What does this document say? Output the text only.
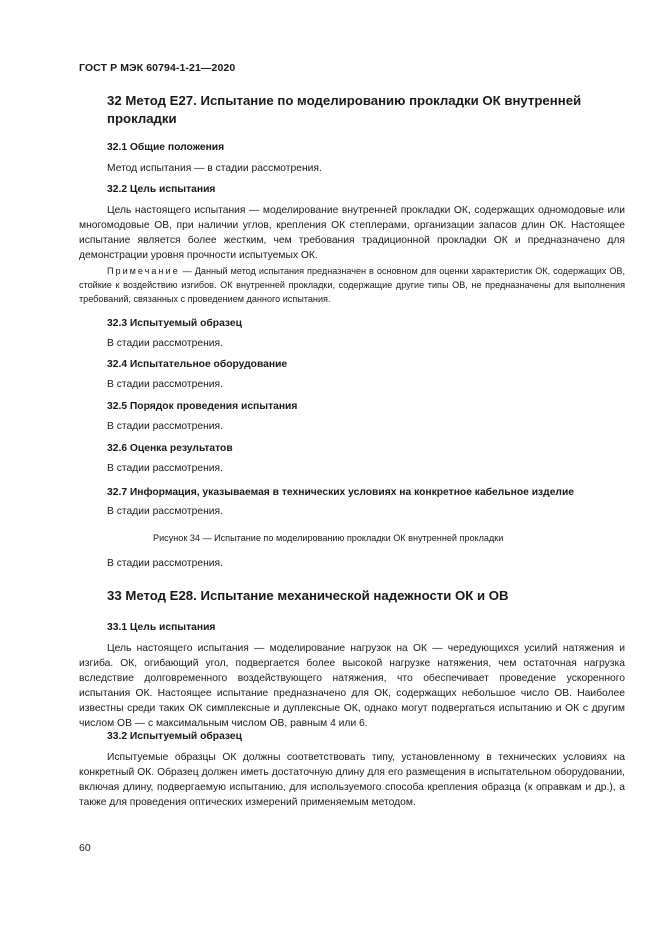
ГОСТ Р МЭК 60794-1-21—2020
32 Метод Е27. Испытание по моделированию прокладки ОК внутренней прокладки
32.1 Общие положения
Метод испытания — в стадии рассмотрения.
32.2 Цель испытания
Цель настоящего испытания — моделирование внутренней прокладки ОК, содержащих одномодовые или многомодовые ОВ, при наличии углов, крепления ОК степлерами, организации запасов длин ОК. Настоящее испытание является более жестким, чем требования традиционной прокладки ОК и предназначено для демонстрации уровня прочности испытуемых ОК.
Примечание — Данный метод испытания предназначен в основном для оценки характеристик ОК, содержащих ОВ, стойкие к воздействию изгибов. ОК внутренней прокладки, содержащие другие типы ОВ, не предназначены для выполнения требований, связанных с проведением данного испытания.
32.3 Испытуемый образец
В стадии рассмотрения.
32.4 Испытательное оборудование
В стадии рассмотрения.
32.5 Порядок проведения испытания
В стадии рассмотрения.
32.6 Оценка результатов
В стадии рассмотрения.
32.7 Информация, указываемая в технических условиях на конкретное кабельное изделие
В стадии рассмотрения.
Рисунок 34 — Испытание по моделированию прокладки ОК внутренней прокладки
В стадии рассмотрения.
33 Метод Е28. Испытание механической надежности ОК и ОВ
33.1 Цель испытания
Цель настоящего испытания — моделирование нагрузок на ОК — чередующихся усилий натяжения и изгиба. ОК, огибающий угол, подвергается более высокой нагрузке натяжения, чем остаточная нагрузка вследствие долговременного воздействующего натяжения, что обеспечивает проведение ускоренного испытания ОК. Настоящее испытание предназначено для ОК, содержащих небольшое число ОВ. Наиболее известны среди таких ОК симплексные и дуплексные ОК, однако могут подвергаться испытанию и ОК с другим числом ОВ — с максимальным числом ОВ, равным 4 или 6.
33.2 Испытуемый образец
Испытуемые образцы ОК должны соответствовать типу, установленному в технических условиях на конкретный ОК. Образец должен иметь достаточную длину для его размещения в испытательном оборудовании, включая длину, подвергаемую испытанию, для используемого способа крепления образца (к оправкам и др.), а также для проведения оптических измерений применяемым методом.
60
